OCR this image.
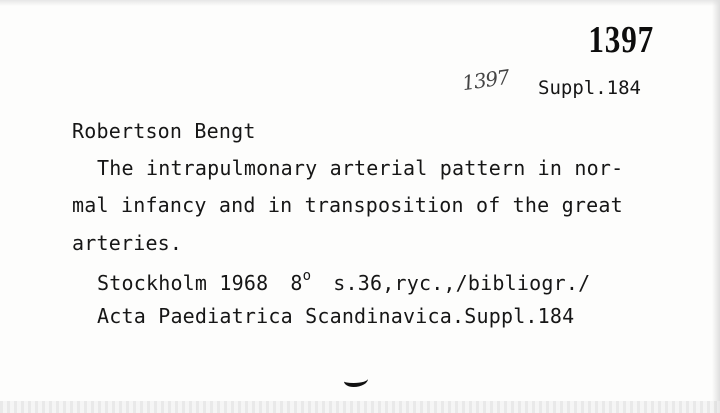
1397
1397 Suppl.184
Robertson Bengt
The intrapulmonary arterial pattern in nor-
mal infancy and in transposition of the great
arteries.
Stockholm 1968 8$^o$ s.36,ryc.,/bibliogr./
Acta Paediatrica Scandinavica.Suppl.184
